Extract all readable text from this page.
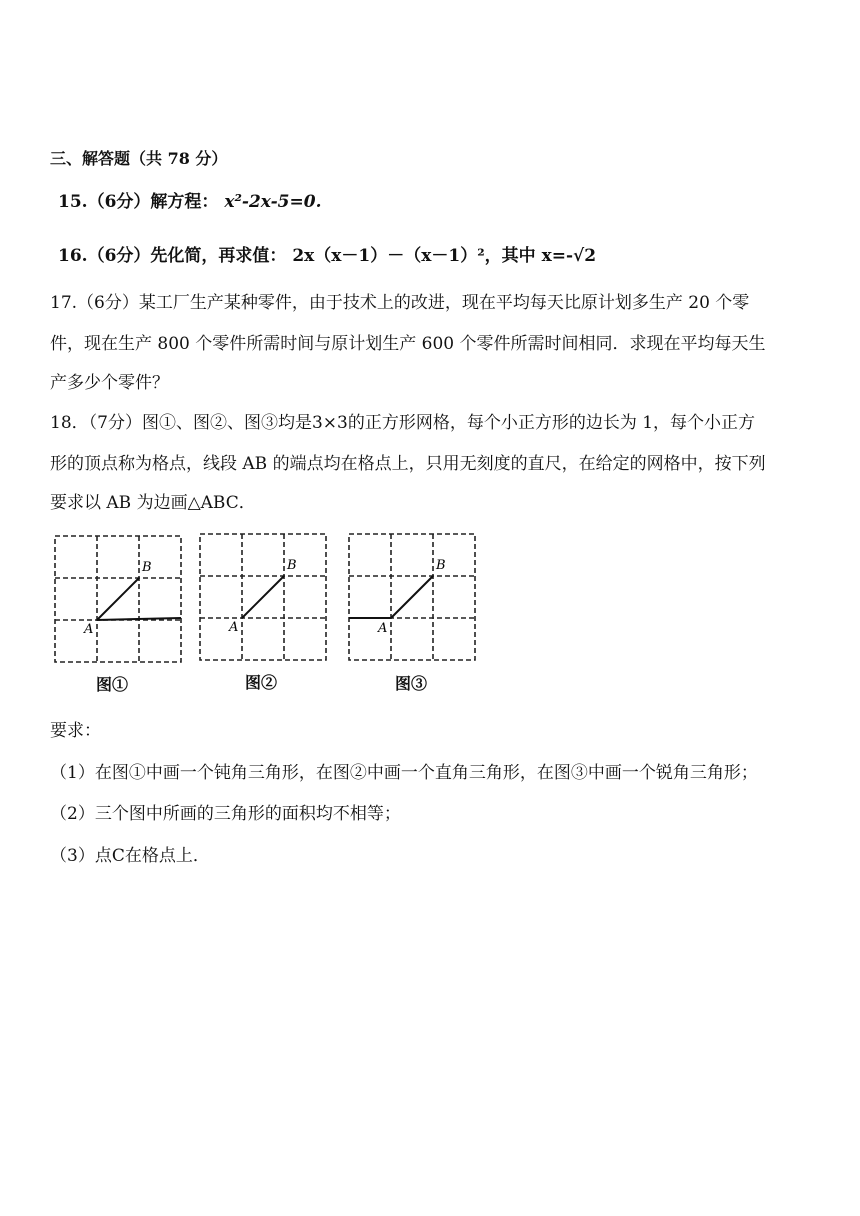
三、解答题（共 78 分）
15.（6分）解方程： x²-2x-5=0.
16.（6分）先化简，再求值： 2x（x－1）－（x－1）²，其中 x=-√2
17.（6分）某工厂生产某种零件，由于技术上的改进，现在平均每天比原计划多生产 20 个零
件，现在生产 800 个零件所需时间与原计划生产 600 个零件所需时间相同．求现在平均每天生
产多少个零件？
18．（7分）图①、图②、图③均是3×3的正方形网格，每个小正方形的边长为 1，每个小正方
形的顶点称为格点，线段 AB 的端点均在格点上，只用无刻度的直尺，在给定的网格中，按下列
要求以 AB 为边画△ABC．
A
B
图①
A
B
图②
A
B
图③
要求：
（1）在图①中画一个钝角三角形，在图②中画一个直角三角形，在图③中画一个锐角三角形；
（2）三个图中所画的三角形的面积均不相等；
（3）点C在格点上．
